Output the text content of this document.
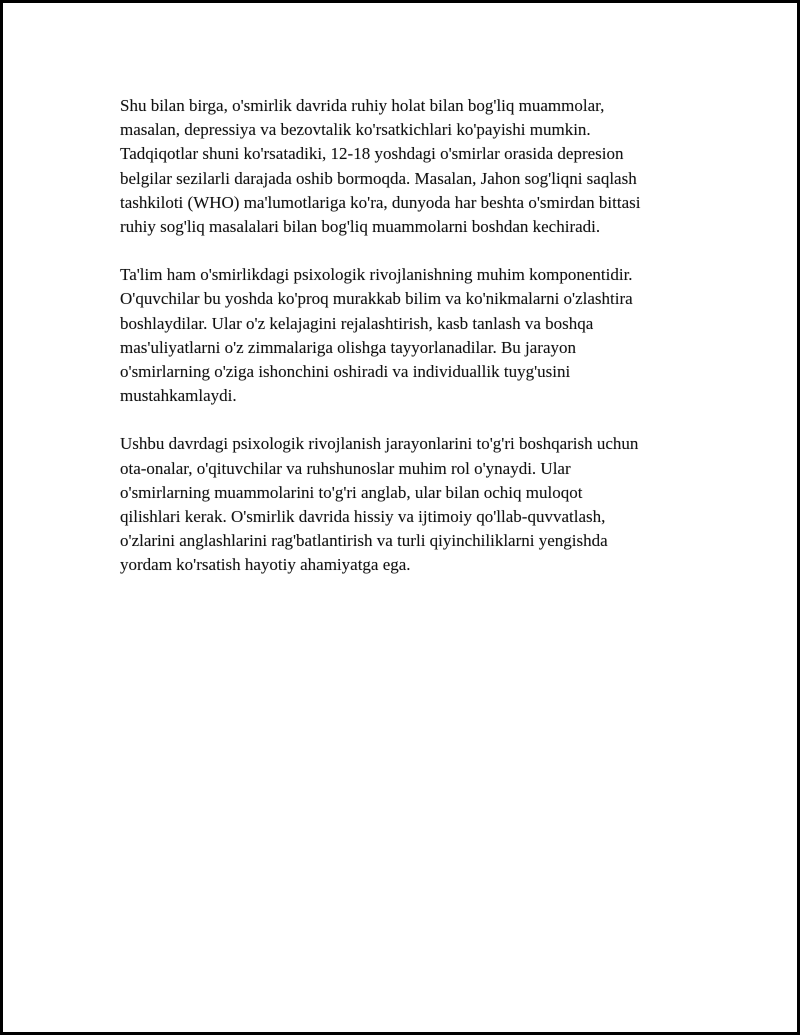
Shu bilan birga, o'smirlik davrida ruhiy holat bilan bog'liq muammolar,
masalan, depressiya va bezovtalik ko'rsatkichlari ko'payishi mumkin.
Tadqiqotlar shuni ko'rsatadiki, 12-18 yoshdagi o'smirlar orasida depresion
belgilar sezilarli darajada oshib bormoqda. Masalan, Jahon sog'liqni saqlash
tashkiloti (WHO) ma'lumotlariga ko'ra, dunyoda har beshta o'smirdan bittasi
ruhiy sog'liq masalalari bilan bog'liq muammolarni boshdan kechiradi.

Ta'lim ham o'smirlikdagi psixologik rivojlanishning muhim komponentidir.
O'quvchilar bu yoshda ko'proq murakkab bilim va ko'nikmalarni o'zlashtira
boshlaydilar. Ular o'z kelajagini rejalashtirish, kasb tanlash va boshqa
mas'uliyatlarni o'z zimmalariga olishga tayyorlanadilar. Bu jarayon
o'smirlarning o'ziga ishonchini oshiradi va individuallik tuyg'usini
mustahkamlaydi.

Ushbu davrdagi psixologik rivojlanish jarayonlarini to'g'ri boshqarish uchun
ota-onalar, o'qituvchilar va ruhshunoslar muhim rol o'ynaydi. Ular
o'smirlarning muammolarini to'g'ri anglab, ular bilan ochiq muloqot
qilishlari kerak. O'smirlik davrida hissiy va ijtimoiy qo'llab-quvvatlash,
o'zlarini anglashlarini rag'batlantirish va turli qiyinchiliklarni yengishda
yordam ko'rsatish hayotiy ahamiyatga ega.
